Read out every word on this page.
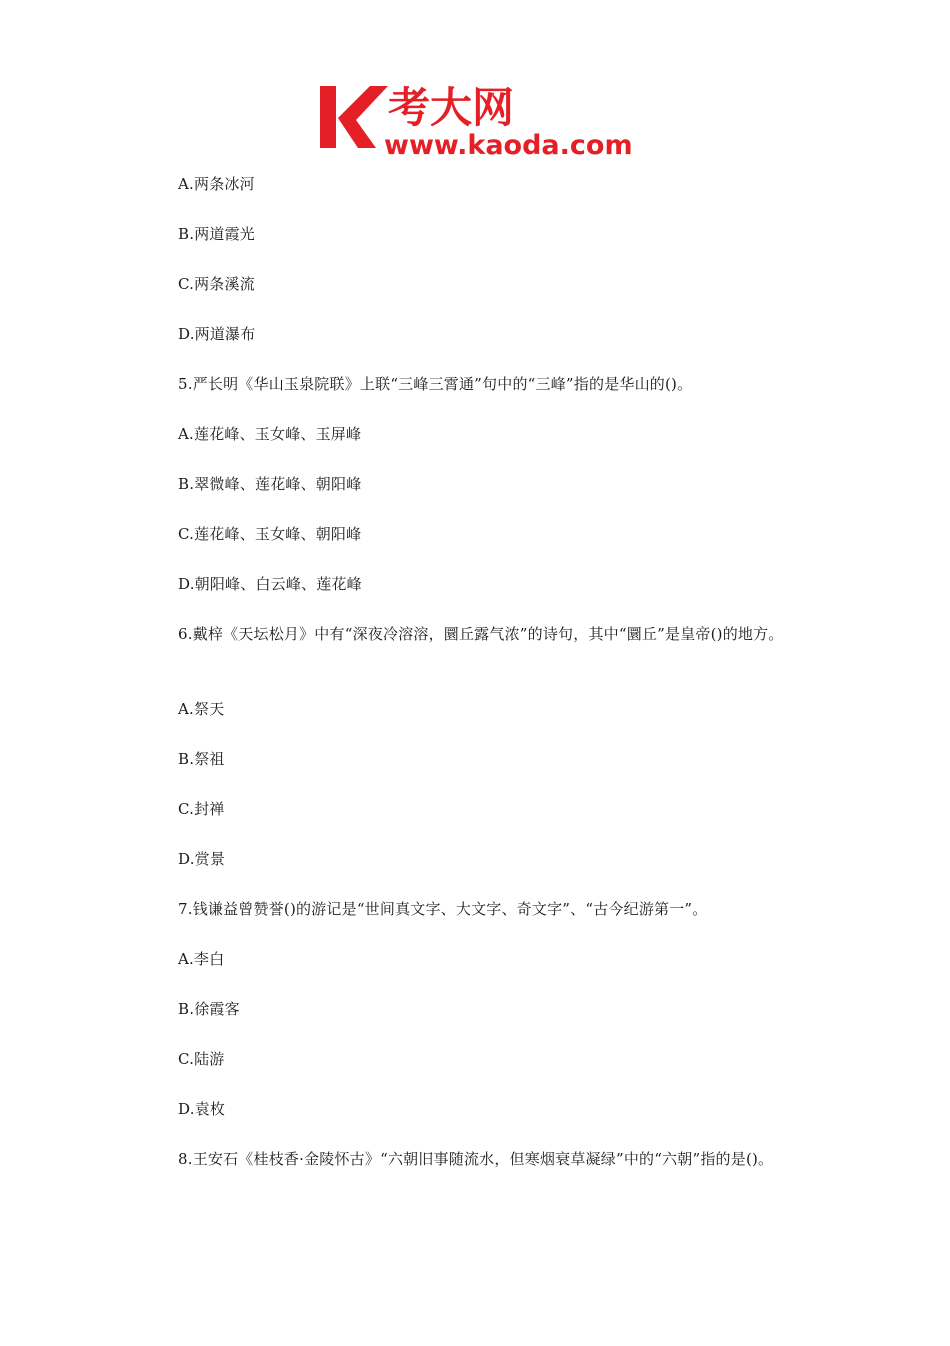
考大网
www.kaoda.com
A.两条冰河
B.两道霞光
C.两条溪流
D.两道瀑布
5.严长明《华山玉泉院联》上联“三峰三霄通”句中的“三峰”指的是华山的()。
A.莲花峰、玉女峰、玉屏峰
B.翠微峰、莲花峰、朝阳峰
C.莲花峰、玉女峰、朝阳峰
D.朝阳峰、白云峰、莲花峰
6.戴梓《天坛松月》中有“深夜冷溶溶，圜丘露气浓”的诗句，其中“圜丘”是皇帝()的地方。
A.祭天
B.祭祖
C.封禅
D.赏景
7.钱谦益曾赞誉()的游记是“世间真文字、大文字、奇文字”、“古今纪游第一”。
A.李白
B.徐霞客
C.陆游
D.袁枚
8.王安石《桂枝香·金陵怀古》“六朝旧事随流水，但寒烟衰草凝绿”中的“六朝”指的是()。
